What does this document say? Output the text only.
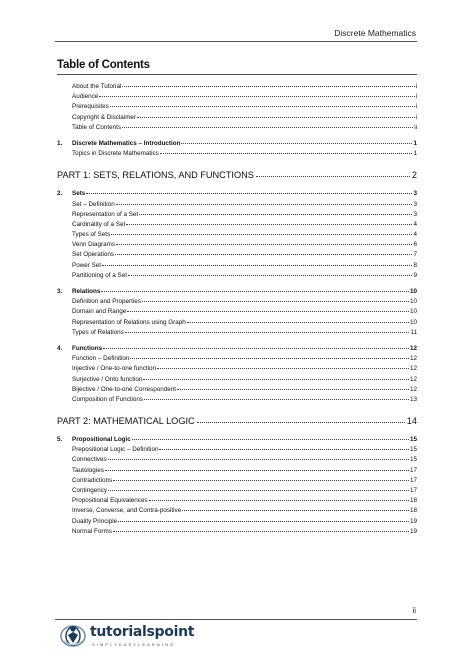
Discrete Mathematics
Table of Contents
About the Tutorial	i
Audience	i
Prerequisites	i
Copyright & Disclaimer	i
Table of Contents	ii
1.	Discrete Mathematics – Introduction	1
Topics in Discrete Mathematics	1
PART 1: SETS, RELATIONS, AND FUNCTIONS	2
2.	Sets	3
Set – Definition	3
Representation of a Set	3
Cardinality of a Set	4
Types of Sets	4
Venn Diagrams	6
Set Operations	7
Power Set	8
Partitioning of a Set	9
3.	Relations	10
Definition and Properties	10
Domain and Range	10
Representation of Relations using Graph	10
Types of Relations	11
4.	Functions	12
Function – Definition	12
Injective / One-to-one function	12
Surjective / Onto function	12
Bijective / One-to-one Correspondent	12
Composition of Functions	13
PART 2: MATHEMATICAL LOGIC	14
5.	Propositional Logic	15
Prepositional Logic – Definition	15
Connectives	15
Tautologies	17
Contradictions	17
Contingency	17
Propositional Equivalences	18
Inverse, Converse, and Contra-positive	18
Duality Principle	19
Normal Forms	19
ii
tutorialspoint
SIMPLYEASYLEARNING
